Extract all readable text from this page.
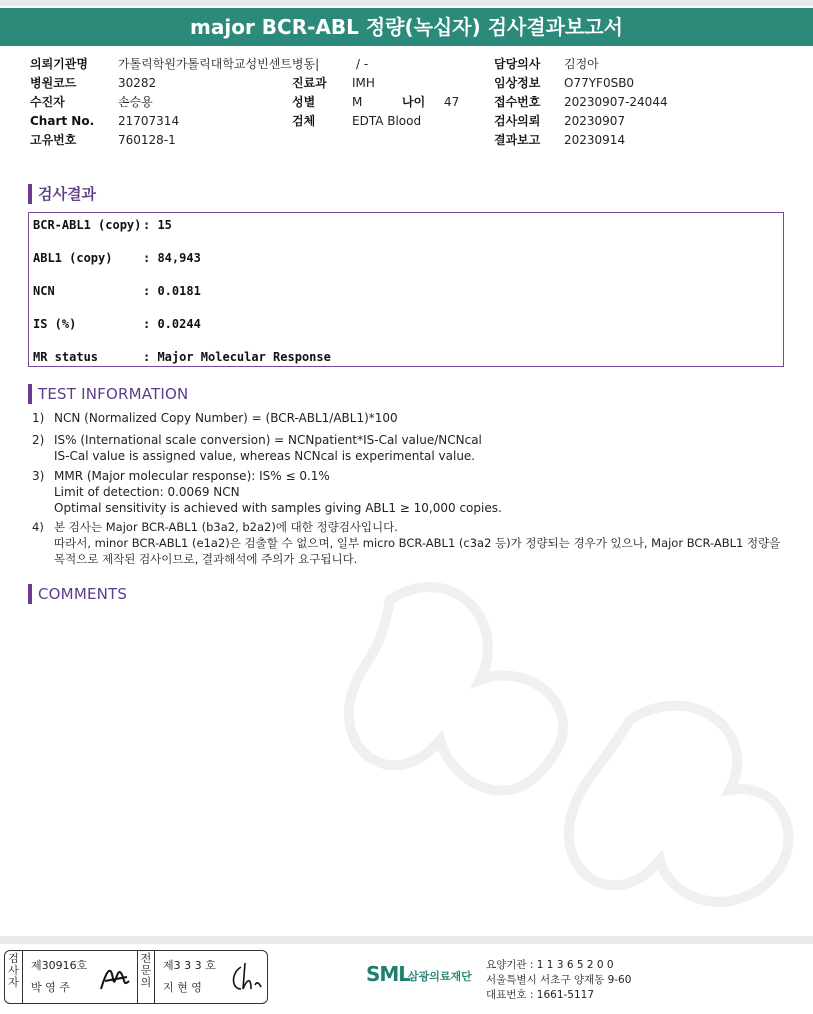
major BCR-ABL 정량(녹십자) 검사결과보고서
의뢰기관명	가톨릭학원가톨릭대학교성빈센트병동|
병원코드	30282
수진자	손승용
Chart No. 21707314
고유번호	760128-1
/ -
진료과 IMH
성별	M	나이 47
검체	EDTA Blood
담당의사 김정아
임상정보 O77YF0SB0
접수번호 20230907-24044
검사의뢰 20230907
결과보고 20230914
검사결과
BCR-ABL1 (copy) : 15
ABL1 (copy)	: 84,943
NCN	: 0.0181
IS (%)	: 0.0244
MR status	: Major Molecular Response
TEST INFORMATION
1) NCN (Normalized Copy Number) = (BCR-ABL1/ABL1)*100
2) IS% (International scale conversion) = NCNpatient*IS-Cal value/NCNcal
IS-Cal value is assigned value, whereas NCNcal is experimental value.
3) MMR (Major molecular response): IS% ≤ 0.1%
Limit of detection: 0.0069 NCN
Optimal sensitivity is achieved with samples giving ABL1 ≥ 10,000 copies.
4) 본 검사는 Major BCR-ABL1 (b3a2, b2a2)에 대한 정량검사입니다.
따라서, minor BCR-ABL1 (e1a2)은 검출할 수 없으며, 일부 micro BCR-ABL1 (c3a2 등)가 정량되는 경우가 있으나, Major BCR-ABL1 정량을
목적으로 제작된 검사이므로, 결과해석에 주의가 요구됩니다.
COMMENTS
검사자
제30916호
박 영 주
전문의
제3 3 3 호
지 현 영
SML
삼광의료재단
요양기관 : 1 1 3 6 5 2 0 0
서울특별시 서초구 양재동 9-60
대표번호 : 1661-5117
